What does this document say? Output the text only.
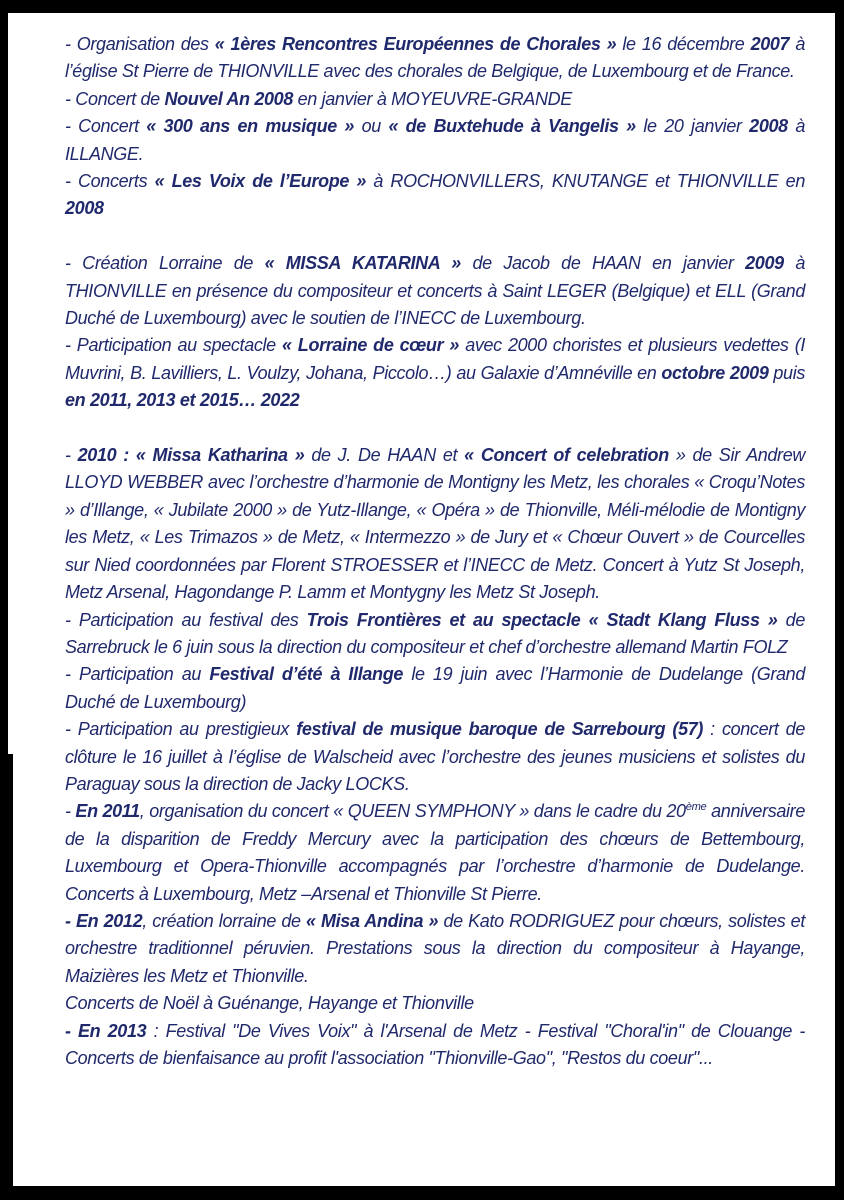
- Organisation des « 1ères Rencontres Européennes de Chorales » le 16 décembre 2007 à l’église St Pierre de THIONVILLE avec des chorales de Belgique, de Luxembourg et de France.

- Concert de Nouvel An 2008 en janvier à MOYEUVRE-GRANDE

- Concert « 300 ans en musique » ou « de Buxtehude à Vangelis » le 20 janvier 2008 à ILLANGE.

- Concerts « Les Voix de l’Europe » à ROCHONVILLERS, KNUTANGE et THIONVILLE en 2008

- Création Lorraine de « MISSA KATARINA » de Jacob de HAAN en janvier 2009 à THIONVILLE en présence du compositeur et concerts à Saint LEGER (Belgique) et ELL (Grand Duché de Luxembourg) avec le soutien de l’INECC de Luxembourg.

- Participation au spectacle « Lorraine de cœur » avec 2000 choristes et plusieurs vedettes (I Muvrini, B. Lavilliers, L. Voulzy, Johana, Piccolo…) au Galaxie d’Amnéville en octobre 2009 puis en 2011, 2013 et 2015… 2022

- 2010 : « Missa Katharina » de J. De HAAN et « Concert of celebration » de Sir Andrew LLOYD WEBBER avec l’orchestre d’harmonie de Montigny les Metz, les chorales « Croqu’Notes » d’Illange, « Jubilate 2000 » de Yutz-Illange, « Opéra » de Thionville, Méli-mélodie de Montigny les Metz, « Les Trimazos » de Metz, « Intermezzo » de Jury et « Chœur Ouvert » de Courcelles sur Nied coordonnées par Florent STROESSER et l’INECC de Metz. Concert à Yutz St Joseph, Metz Arsenal, Hagondange P. Lamm et Montygny les Metz St Joseph.

- Participation au festival des Trois Frontières et au spectacle « Stadt Klang Fluss » de Sarrebruck le 6 juin sous la direction du compositeur et chef d’orchestre allemand Martin FOLZ

- Participation au Festival d’été à Illange le 19 juin avec l’Harmonie de Dudelange (Grand Duché de Luxembourg)

- Participation au prestigieux festival de musique baroque de Sarrebourg (57) : concert de clôture le 16 juillet à l’église de Walscheid avec l’orchestre des jeunes musiciens et solistes du Paraguay sous la direction de Jacky LOCKS.

- En 2011, organisation du concert « QUEEN SYMPHONY » dans le cadre du 20ème anniversaire de la disparition de Freddy Mercury avec la participation des chœurs de Bettembourg, Luxembourg et Opera-Thionville accompagnés par l’orchestre d’harmonie de Dudelange. Concerts à Luxembourg, Metz –Arsenal et Thionville St Pierre.

- En 2012, création lorraine de « Misa Andina » de Kato RODRIGUEZ pour chœurs, solistes et orchestre traditionnel péruvien. Prestations sous la direction du compositeur à Hayange, Maizières les Metz et Thionville.

Concerts de Noël à Guénange, Hayange et Thionville

- En 2013 : Festival "De Vives Voix" à l'Arsenal de Metz - Festival "Choral'in" de Clouange - Concerts de bienfaisance au profit l'association "Thionville-Gao", "Restos du coeur"...
